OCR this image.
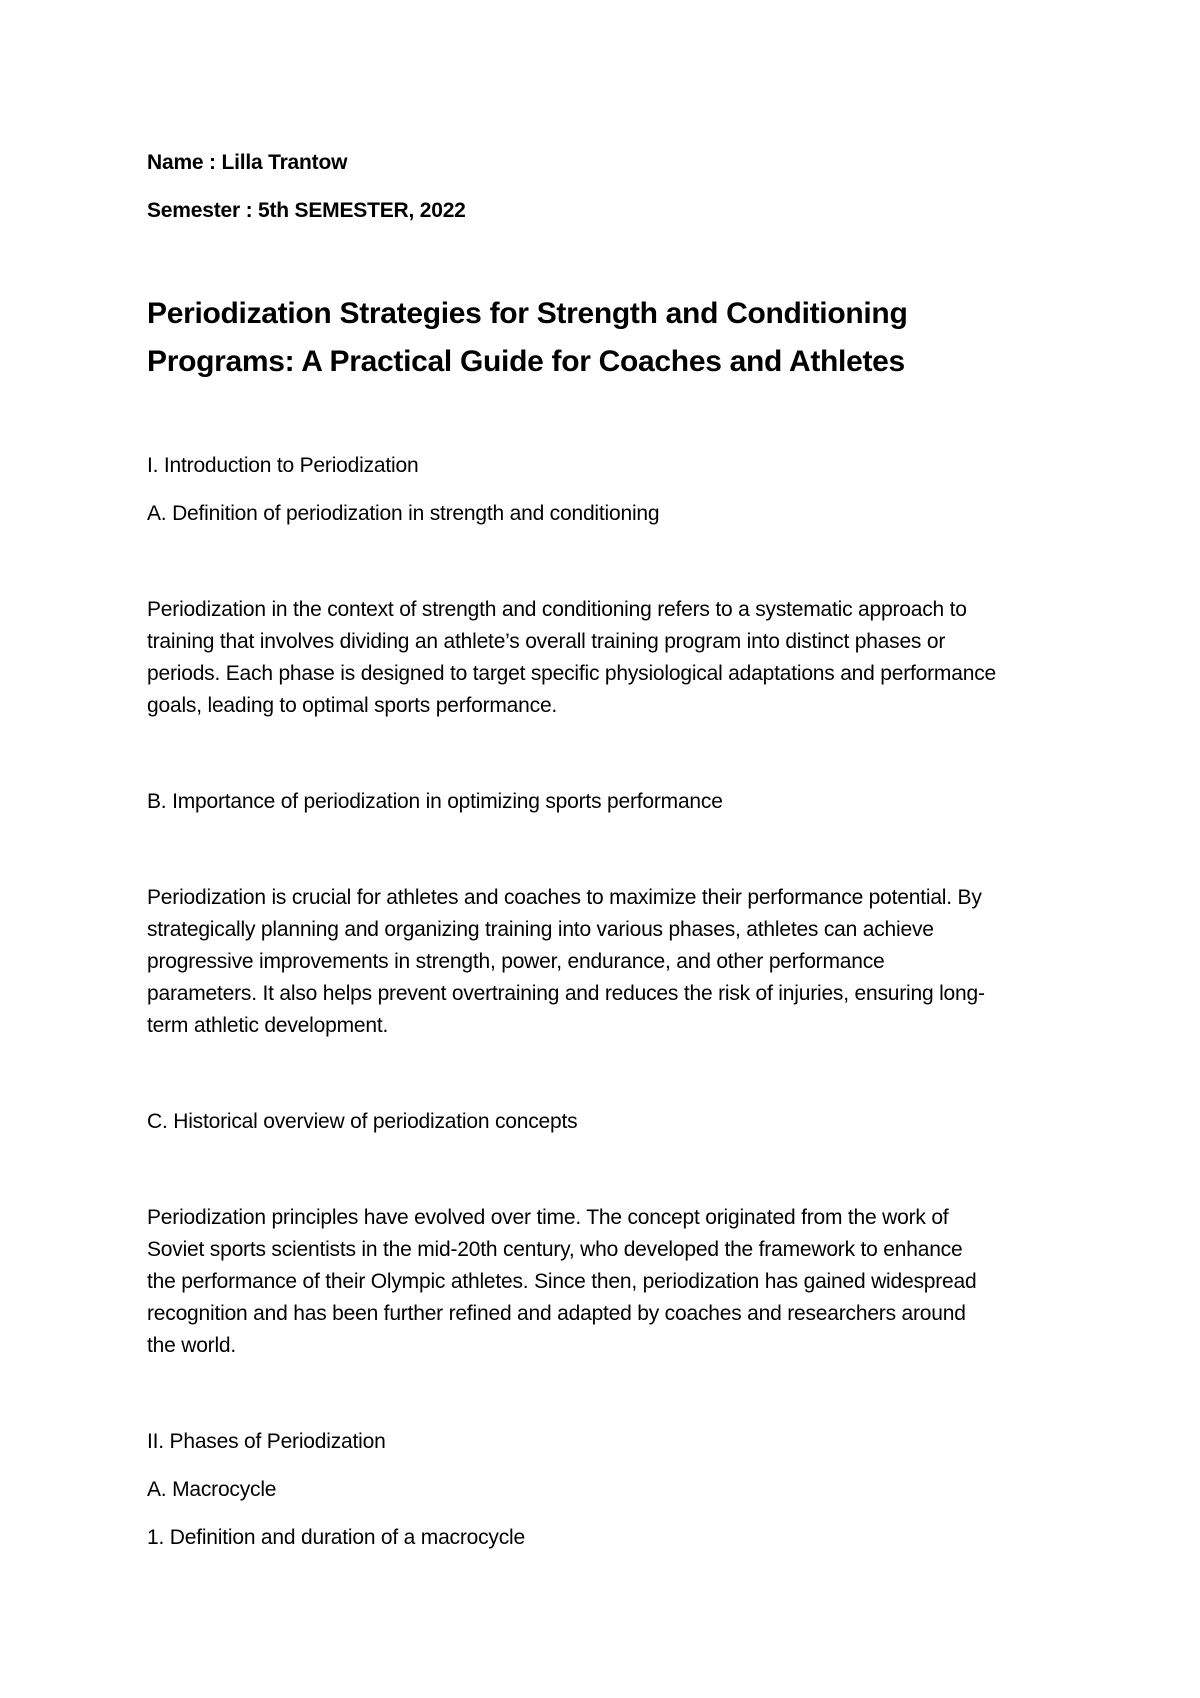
Name : Lilla Trantow
Semester : 5th SEMESTER, 2022
Periodization Strategies for Strength and Conditioning
Programs: A Practical Guide for Coaches and Athletes
I. Introduction to Periodization
A. Definition of periodization in strength and conditioning
Periodization in the context of strength and conditioning refers to a systematic approach to
training that involves dividing an athlete’s overall training program into distinct phases or
periods. Each phase is designed to target specific physiological adaptations and performance
goals, leading to optimal sports performance.
B. Importance of periodization in optimizing sports performance
Periodization is crucial for athletes and coaches to maximize their performance potential. By
strategically planning and organizing training into various phases, athletes can achieve
progressive improvements in strength, power, endurance, and other performance
parameters. It also helps prevent overtraining and reduces the risk of injuries, ensuring long-
term athletic development.
C. Historical overview of periodization concepts
Periodization principles have evolved over time. The concept originated from the work of
Soviet sports scientists in the mid-20th century, who developed the framework to enhance
the performance of their Olympic athletes. Since then, periodization has gained widespread
recognition and has been further refined and adapted by coaches and researchers around
the world.
II. Phases of Periodization
A. Macrocycle
1. Definition and duration of a macrocycle
